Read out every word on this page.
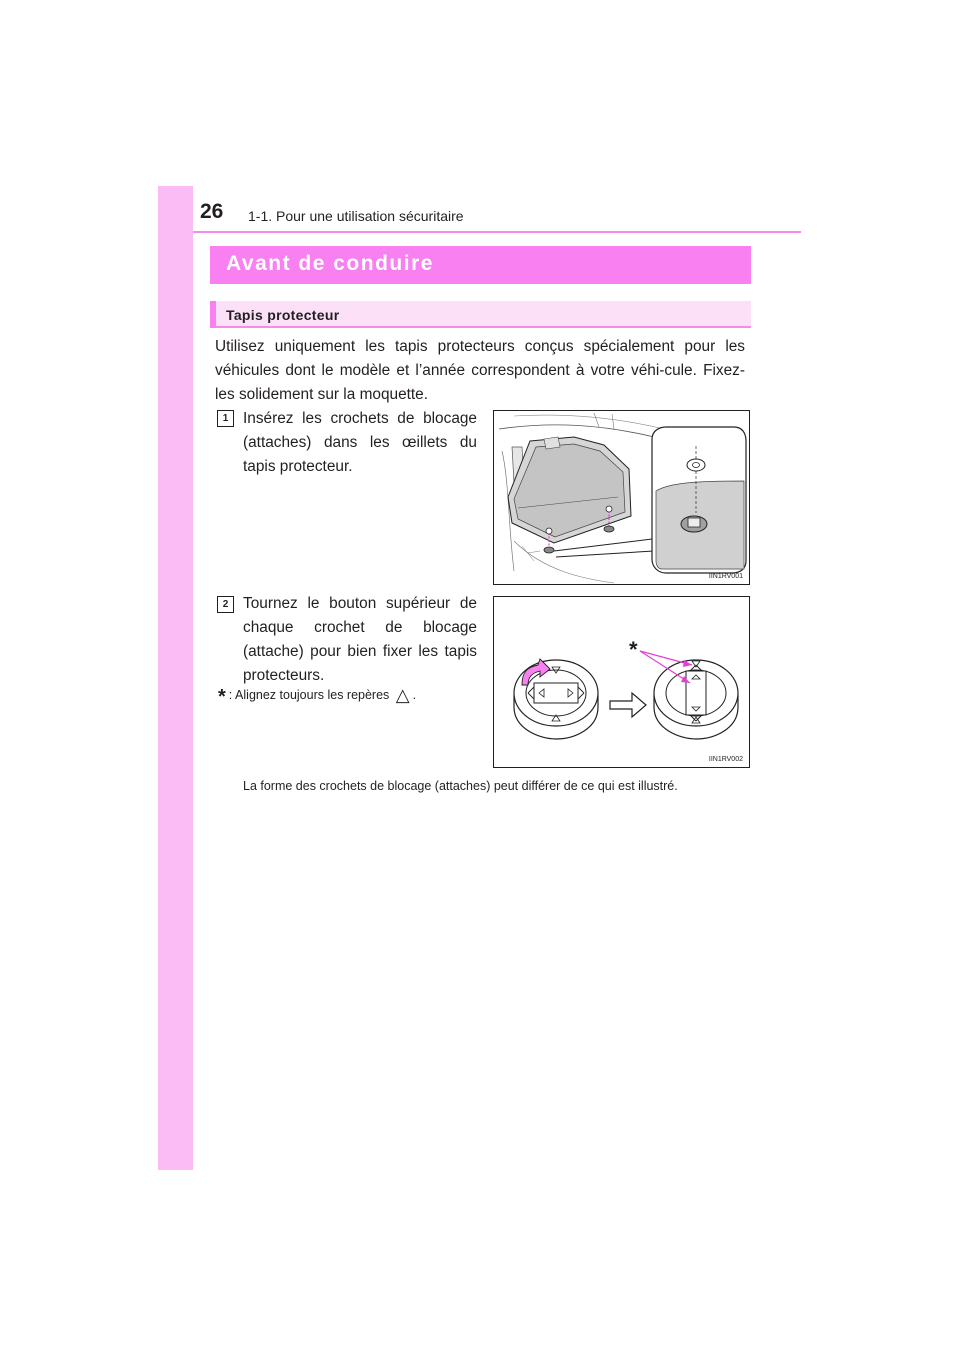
26 1-1. Pour une utilisation sécuritaire
Avant de conduire
Tapis protecteur

Utilisez uniquement les tapis protecteurs conçus spécialement pour les véhicules dont le modèle et l’année correspondent à votre véhi-cule. Fixez-les solidement sur la moquette.

1 Insérez les crochets de blocage (attaches) dans les œillets du tapis protecteur.

IIN1RV001
2 Tournez le bouton supérieur de chaque crochet de blocage (attache) pour bien fixer les tapis protecteurs.

* : Alignez toujours les repères △ .
*
IIN1RV002

La forme des crochets de blocage (attaches) peut différer de ce qui est illustré.
